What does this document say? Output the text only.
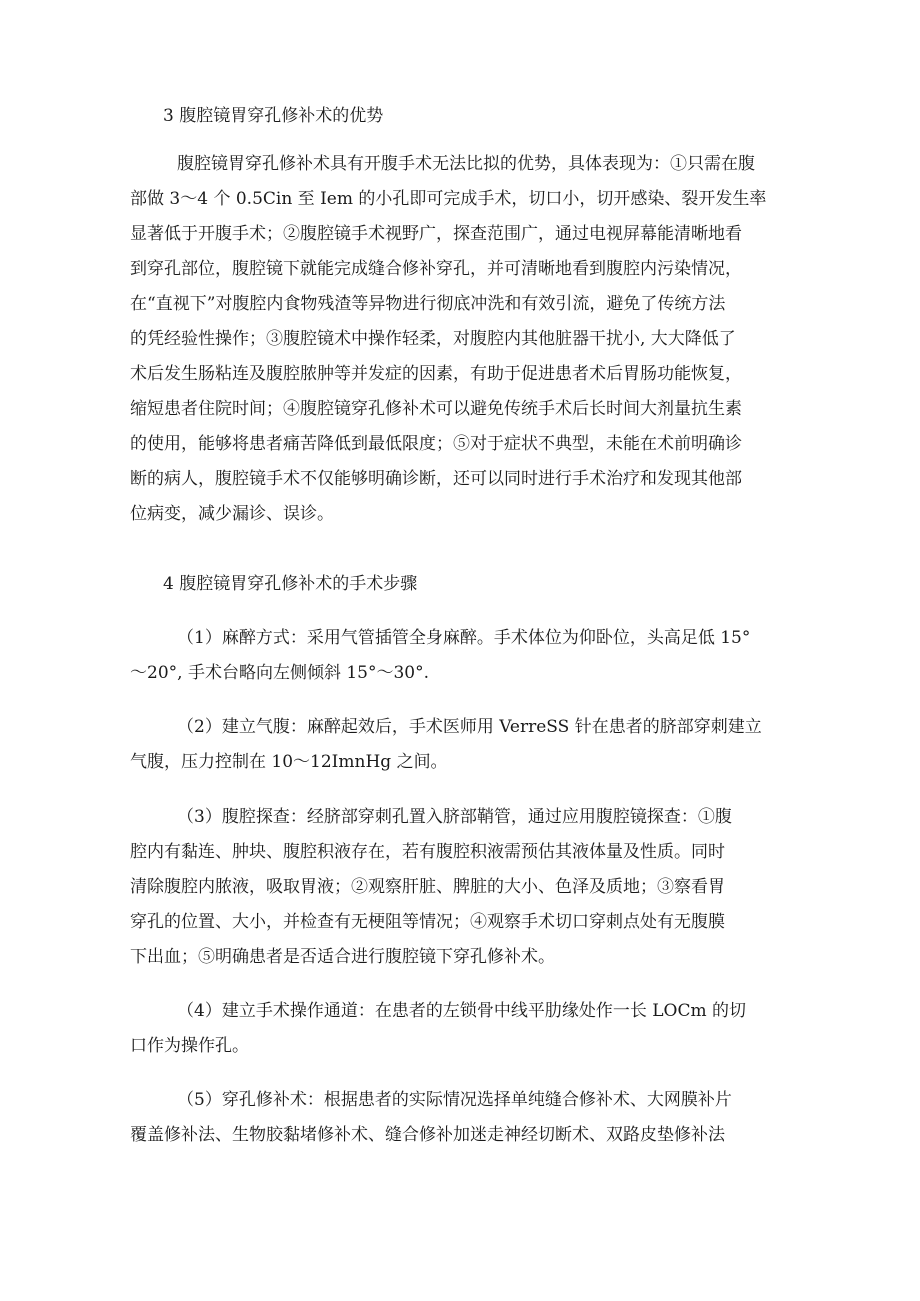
3 腹腔镜胃穿孔修补术的优势
腹腔镜胃穿孔修补术具有开腹手术无法比拟的优势，具体表现为：①只需在腹
部做 3～4 个 0.5Cin 至 Iem 的小孔即可完成手术，切口小，切开感染、裂开发生率
显著低于开腹手术；②腹腔镜手术视野广，探查范围广，通过电视屏幕能清晰地看
到穿孔部位，腹腔镜下就能完成缝合修补穿孔，并可清晰地看到腹腔内污染情况，
在“直视下”对腹腔内食物残渣等异物进行彻底冲洗和有效引流，避免了传统方法
的凭经验性操作；③腹腔镜术中操作轻柔，对腹腔内其他脏器干扰小, 大大降低了
术后发生肠粘连及腹腔脓肿等并发症的因素，有助于促进患者术后胃肠功能恢复，
缩短患者住院时间；④腹腔镜穿孔修补术可以避免传统手术后长时间大剂量抗生素
的使用，能够将患者痛苦降低到最低限度；⑤对于症状不典型，未能在术前明确诊
断的病人，腹腔镜手术不仅能够明确诊断，还可以同时进行手术治疗和发现其他部
位病变，减少漏诊、误诊。
4 腹腔镜胃穿孔修补术的手术步骤
（1）麻醉方式：采用气管插管全身麻醉。手术体位为仰卧位，头高足低 15°
～20°, 手术台略向左侧倾斜 15°～30°.
（2）建立气腹：麻醉起效后，手术医师用 VerreSS 针在患者的脐部穿刺建立
气腹，压力控制在 10～12ImnHg 之间。
（3）腹腔探查：经脐部穿刺孔置入脐部鞘管，通过应用腹腔镜探查：①腹
腔内有黏连、肿块、腹腔积液存在，若有腹腔积液需预估其液体量及性质。同时
清除腹腔内脓液，吸取胃液；②观察肝脏、脾脏的大小、色泽及质地；③察看胃
穿孔的位置、大小，并检查有无梗阻等情况；④观察手术切口穿刺点处有无腹膜
下出血；⑤明确患者是否适合进行腹腔镜下穿孔修补术。
（4）建立手术操作通道：在患者的左锁骨中线平肋缘处作一长 LOCm 的切
口作为操作孔。
（5）穿孔修补术：根据患者的实际情况选择单纯缝合修补术、大网膜补片
覆盖修补法、生物胶黏堵修补术、缝合修补加迷走神经切断术、双路皮垫修补法
